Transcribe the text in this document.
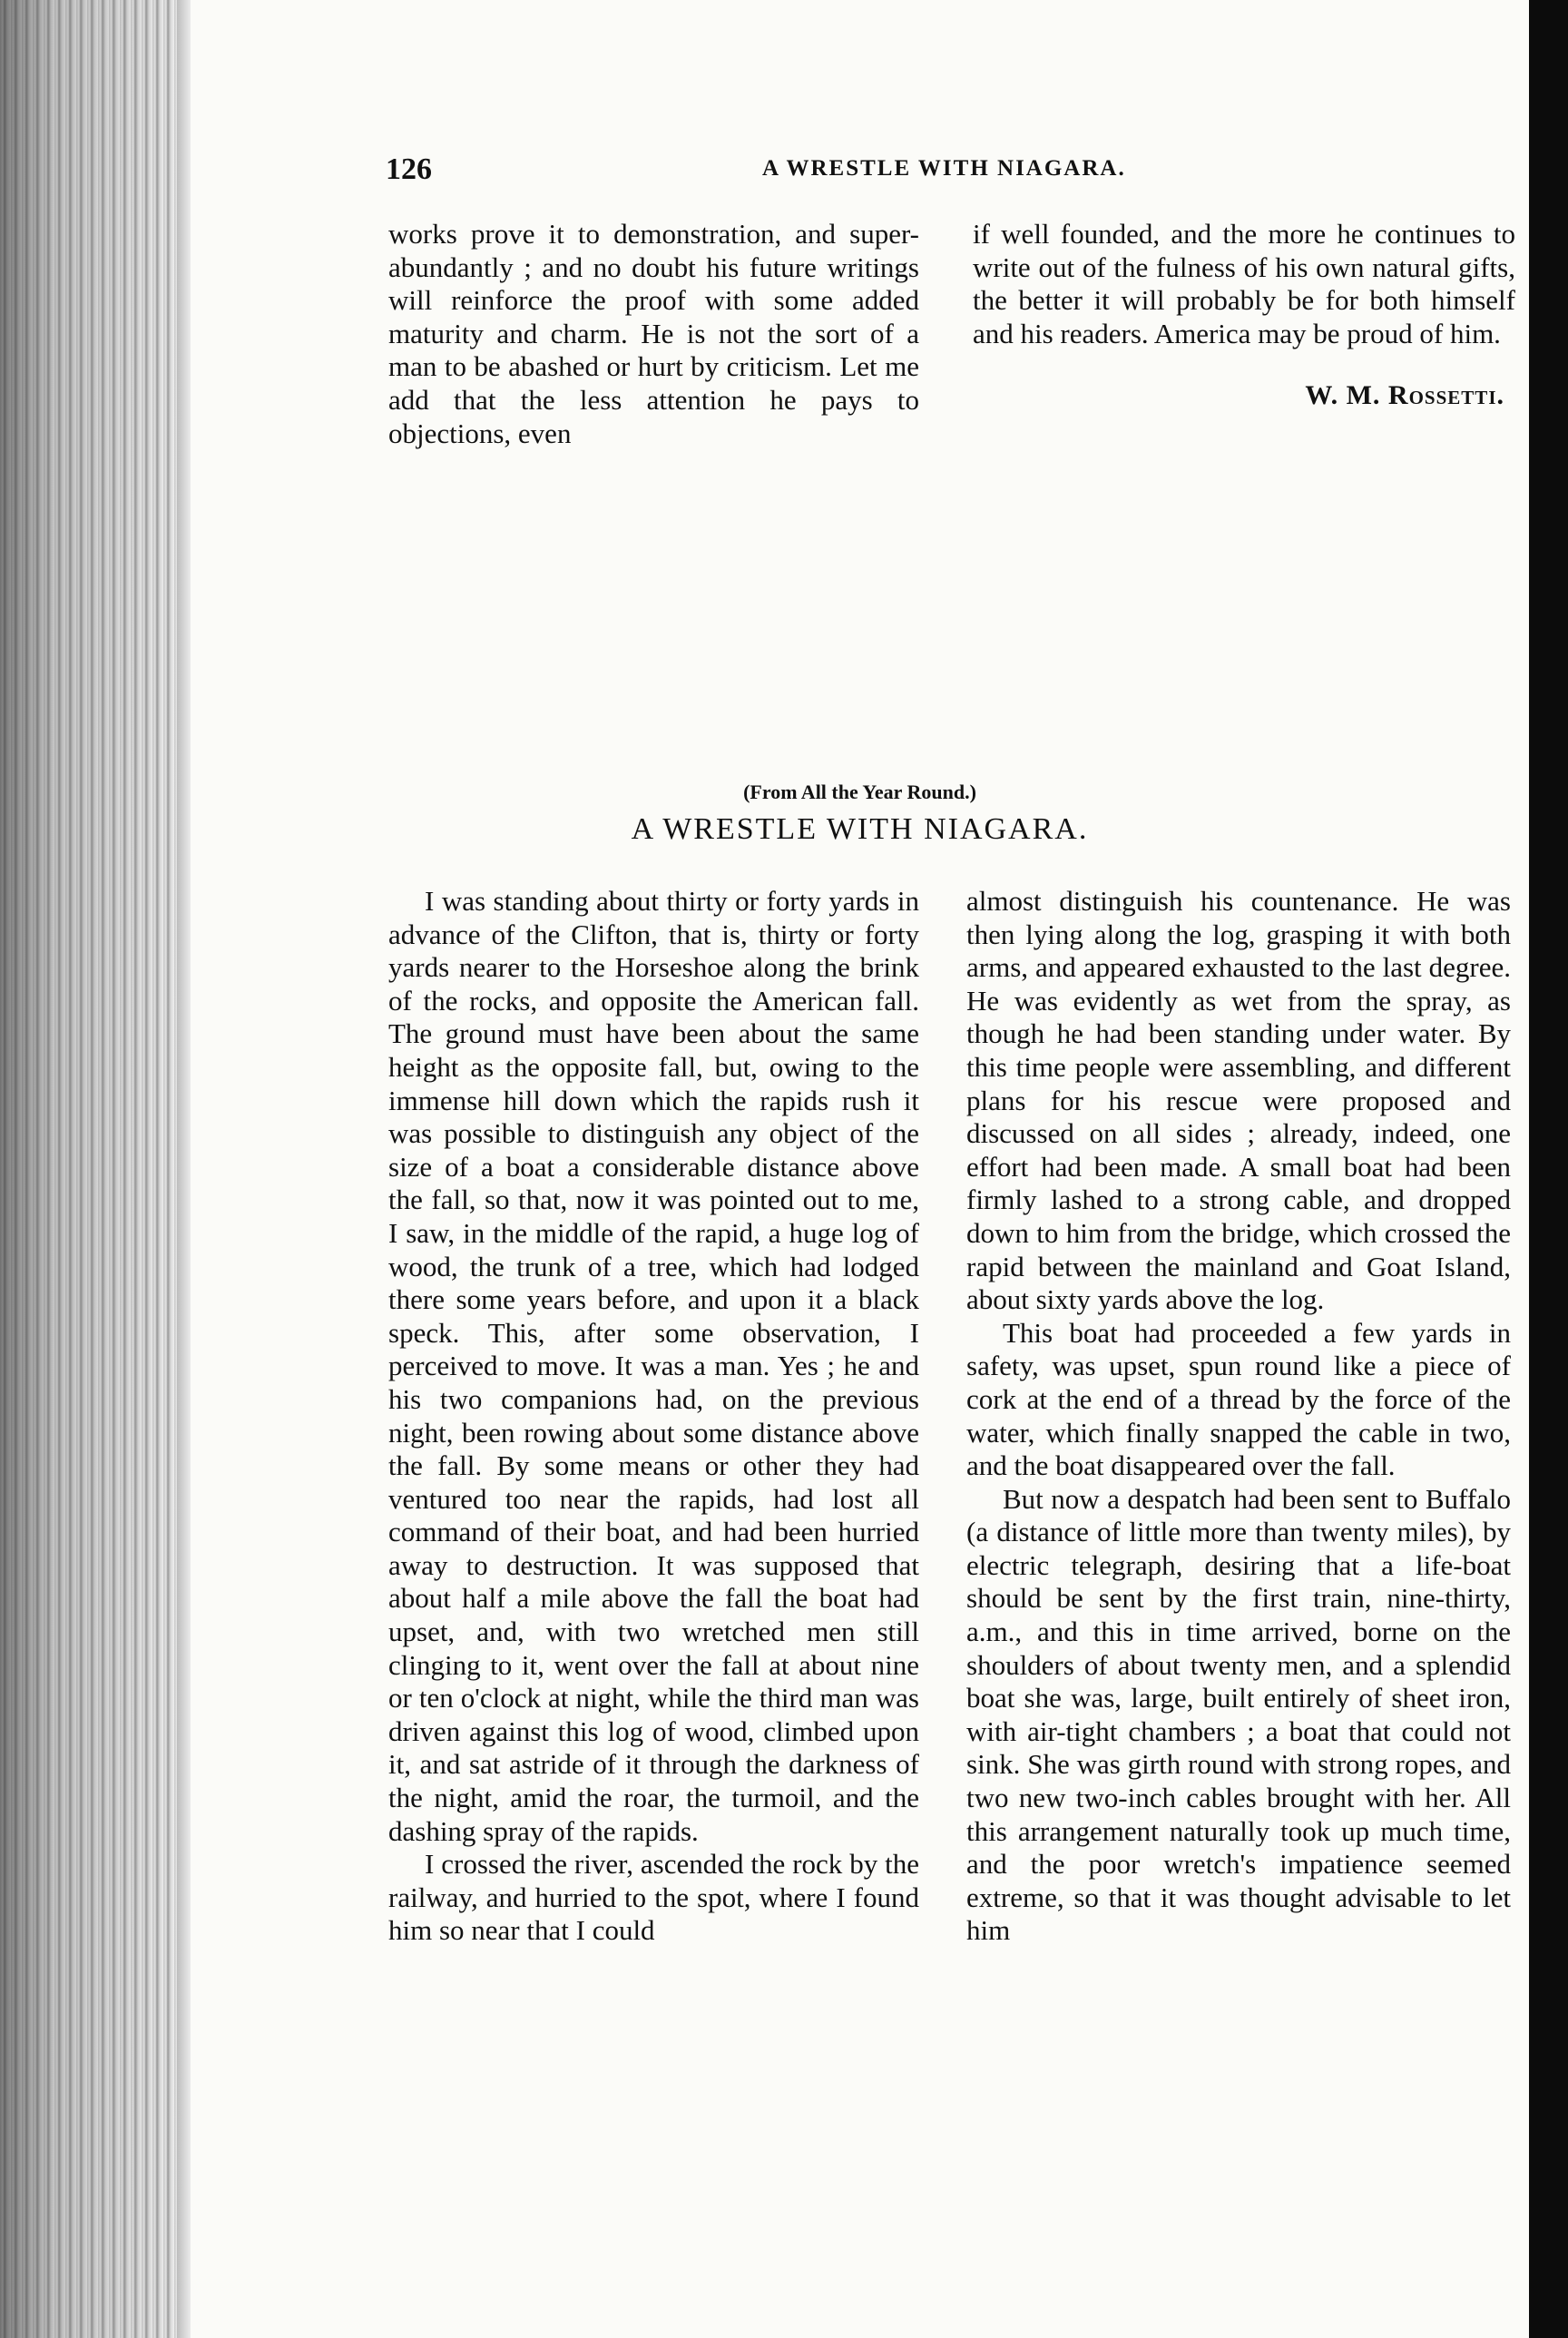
126	A WRESTLE WITH NIAGARA.

works prove it to demonstration, and super-abundantly ; and no doubt his future writings will reinforce the proof with some added maturity and charm. He is not the sort of a man to be abashed or hurt by criticism. Let me add that the less attention he pays to objections, even

if well founded, and the more he continues to write out of the fulness of his own natural gifts, the better it will probably be for both himself and his readers. America may be proud of him.

W. M. Rossetti.
(From All the Year Round.)
A WRESTLE WITH NIAGARA.

I was standing about thirty or forty yards in advance of the Clifton, that is, thirty or forty yards nearer to the Horseshoe along the brink of the rocks, and opposite the American fall. The ground must have been about the same height as the opposite fall, but, owing to the immense hill down which the rapids rush it was possible to distinguish any object of the size of a boat a considerable distance above the fall, so that, now it was pointed out to me, I saw, in the middle of the rapid, a huge log of wood, the trunk of a tree, which had lodged there some years before, and upon it a black speck. This, after some observation, I perceived to move. It was a man. Yes ; he and his two companions had, on the previous night, been rowing about some distance above the fall. By some means or other they had ventured too near the rapids, had lost all command of their boat, and had been hurried away to destruction. It was supposed that about half a mile above the fall the boat had upset, and, with two wretched men still clinging to it, went over the fall at about nine or ten o'clock at night, while the third man was driven against this log of wood, climbed upon it, and sat astride of it through the darkness of the night, amid the roar, the turmoil, and the dashing spray of the rapids.

I crossed the river, ascended the rock by the railway, and hurried to the spot, where I found him so near that I could

almost distinguish his countenance. He was then lying along the log, grasping it with both arms, and appeared exhausted to the last degree. He was evidently as wet from the spray, as though he had been standing under water. By this time people were assembling, and different plans for his rescue were proposed and discussed on all sides ; already, indeed, one effort had been made. A small boat had been firmly lashed to a strong cable, and dropped down to him from the bridge, which crossed the rapid between the mainland and Goat Island, about sixty yards above the log.

This boat had proceeded a few yards in safety, was upset, spun round like a piece of cork at the end of a thread by the force of the water, which finally snapped the cable in two, and the boat disappeared over the fall.

But now a despatch had been sent to Buffalo (a distance of little more than twenty miles), by electric telegraph, desiring that a life-boat should be sent by the first train, nine-thirty, a.m., and this in time arrived, borne on the shoulders of about twenty men, and a splendid boat she was, large, built entirely of sheet iron, with air-tight chambers ; a boat that could not sink. She was girth round with strong ropes, and two new two-inch cables brought with her. All this arrangement naturally took up much time, and the poor wretch's impatience seemed extreme, so that it was thought advisable to let him
